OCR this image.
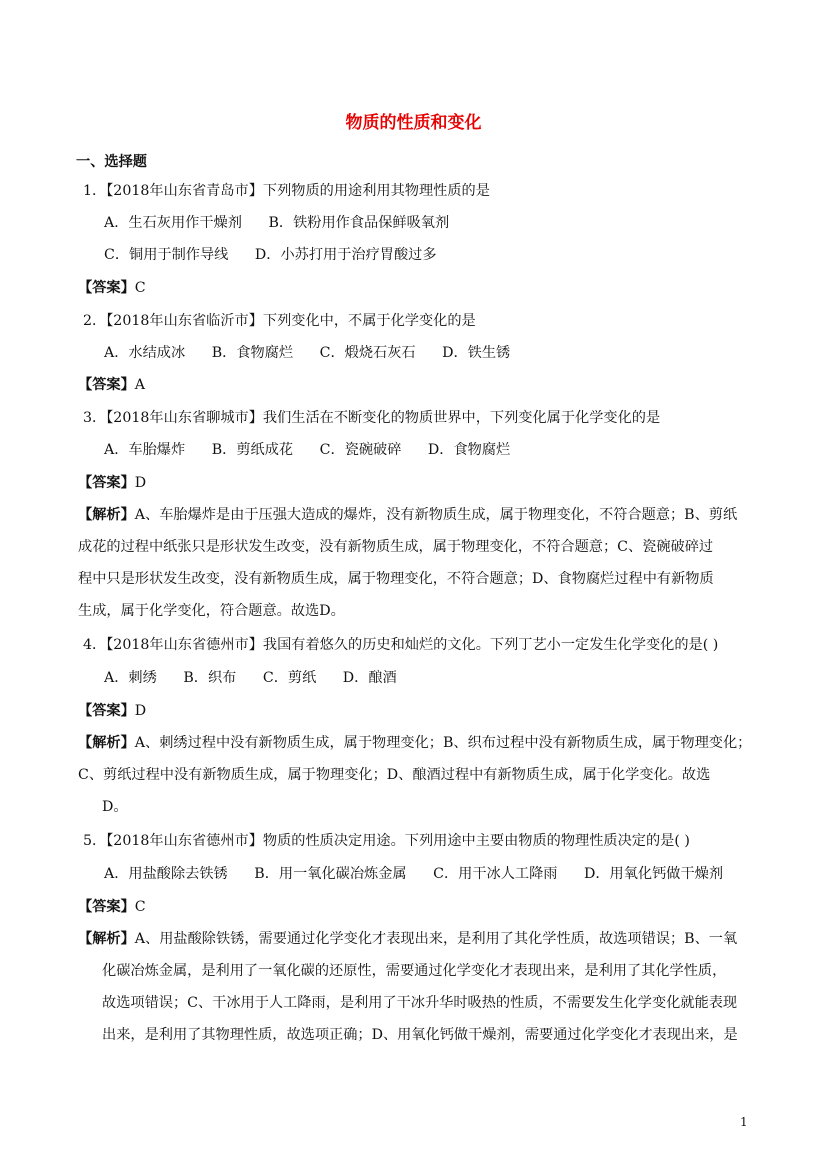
物质的性质和变化
一、选择题
1．【2018年山东省青岛市】下列物质的用途利用其物理性质的是
A．生石灰用作干燥剂 B．铁粉用作食品保鲜吸氧剂
C．铜用于制作导线 D．小苏打用于治疗胃酸过多
【答案】C
2．【2018年山东省临沂市】下列变化中，不属于化学变化的是
A．水结成冰 B．食物腐烂 C．煅烧石灰石 D．铁生锈
【答案】A
3．【2018年山东省聊城市】我们生活在不断变化的物质世界中，下列变化属于化学变化的是
A．车胎爆炸 B．剪纸成花 C．瓷碗破碎 D．食物腐烂
【答案】D
【解析】A、车胎爆炸是由于压强大造成的爆炸，没有新物质生成，属于物理变化，不符合题意；B、剪纸
成花的过程中纸张只是形状发生改变，没有新物质生成，属于物理变化，不符合题意；C、瓷碗破碎过
程中只是形状发生改变，没有新物质生成，属于物理变化，不符合题意；D、食物腐烂过程中有新物质
生成，属于化学变化，符合题意。故选D。
4．【2018年山东省德州市】我国有着悠久的历史和灿烂的文化。下列丁艺小一定发生化学变化的是( )
A．刺绣 B．织布 C．剪纸 D．酿酒
【答案】D
【解析】A、刺绣过程中没有新物质生成，属于物理变化；B、织布过程中没有新物质生成，属于物理变化；
C、剪纸过程中没有新物质生成，属于物理变化；D、酿酒过程中有新物质生成，属于化学变化。故选
D。
5．【2018年山东省德州市】物质的性质决定用途。下列用途中主要由物质的物理性质决定的是( )
A．用盐酸除去铁锈 B．用一氧化碳冶炼金属 C．用干冰人工降雨 D．用氧化钙做干燥剂
【答案】C
【解析】A、用盐酸除铁锈，需要通过化学变化才表现出来，是利用了其化学性质，故选项错误；B、一氧
化碳冶炼金属，是利用了一氧化碳的还原性，需要通过化学变化才表现出来，是利用了其化学性质，
故选项错误；C、干冰用于人工降雨，是利用了干冰升华时吸热的性质，不需要发生化学变化就能表现
出来，是利用了其物理性质，故选项正确；D、用氧化钙做干燥剂，需要通过化学变化才表现出来，是
1
